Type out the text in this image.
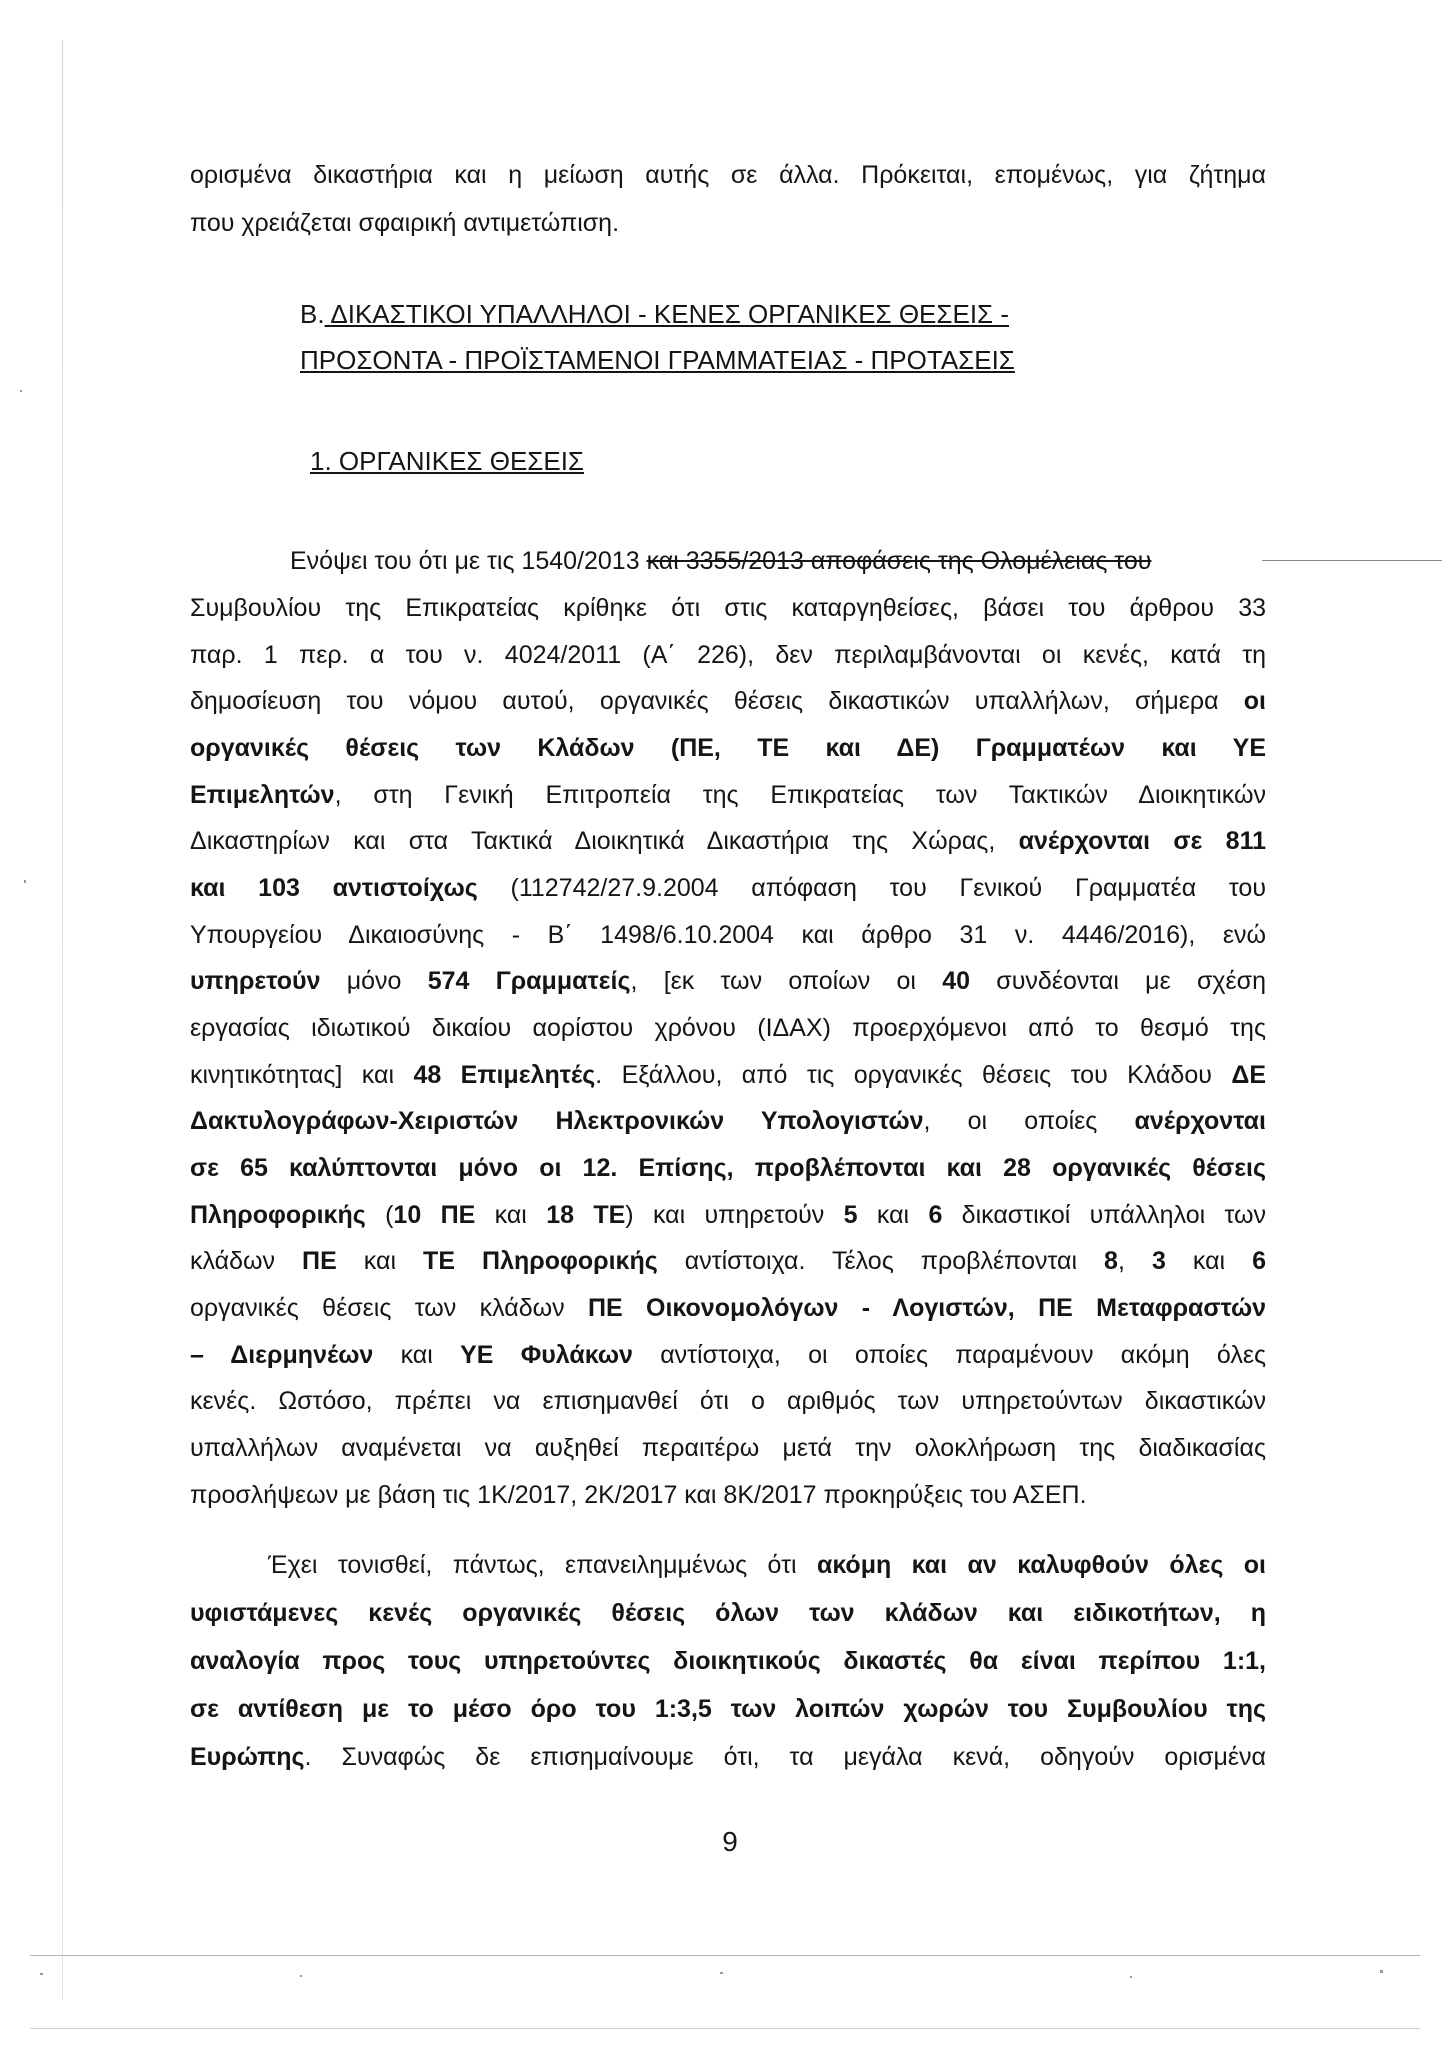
ορισμένα δικαστήρια και η μείωση αυτής σε άλλα. Πρόκειται, επομένως, για ζήτημα
που χρειάζεται σφαιρική αντιμετώπιση.
Β. ΔΙΚΑΣΤΙΚΟΙ ΥΠΑΛΛΗΛΟΙ - ΚΕΝΕΣ ΟΡΓΑΝΙΚΕΣ ΘΕΣΕΙΣ -
ΠΡΟΣΟΝΤΑ - ΠΡΟΪΣΤΑΜΕΝΟΙ ΓΡΑΜΜΑΤΕΙΑΣ - ΠΡΟΤΑΣΕΙΣ
1. ΟΡΓΑΝΙΚΕΣ ΘΕΣΕΙΣ
Ενόψει του ότι με τις 1540/2013 και 3355/2013 αποφάσεις της Ολομέλειας του
Συμβουλίου της Επικρατείας κρίθηκε ότι στις καταργηθείσες, βάσει του άρθρου 33
παρ. 1 περ. α του ν. 4024/2011 (Α΄ 226), δεν περιλαμβάνονται οι κενές, κατά τη
δημοσίευση του νόμου αυτού, οργανικές θέσεις δικαστικών υπαλλήλων, σήμερα οι
οργανικές θέσεις των Κλάδων (ΠΕ, ΤΕ και ΔΕ) Γραμματέων και ΥΕ
Επιμελητών, στη Γενική Επιτροπεία της Επικρατείας των Τακτικών Διοικητικών
Δικαστηρίων και στα Τακτικά Διοικητικά Δικαστήρια της Χώρας, ανέρχονται σε 811
και 103 αντιστοίχως (112742/27.9.2004 απόφαση του Γενικού Γραμματέα του
Υπουργείου Δικαιοσύνης - Β΄ 1498/6.10.2004 και άρθρο 31 ν. 4446/2016), ενώ
υπηρετούν μόνο 574 Γραμματείς, [εκ των οποίων οι 40 συνδέονται με σχέση
εργασίας ιδιωτικού δικαίου αορίστου χρόνου (ΙΔΑΧ) προερχόμενοι από το θεσμό της
κινητικότητας] και 48 Επιμελητές. Εξάλλου, από τις οργανικές θέσεις του Κλάδου ΔΕ
Δακτυλογράφων-Χειριστών Ηλεκτρονικών Υπολογιστών, οι οποίες ανέρχονται
σε 65 καλύπτονται μόνο οι 12. Επίσης, προβλέπονται και 28 οργανικές θέσεις
Πληροφορικής (10 ΠΕ και 18 ΤΕ) και υπηρετούν 5 και 6 δικαστικοί υπάλληλοι των
κλάδων ΠΕ και ΤΕ Πληροφορικής αντίστοιχα. Τέλος προβλέπονται 8, 3 και 6
οργανικές θέσεις των κλάδων ΠΕ Οικονομολόγων - Λογιστών, ΠΕ Μεταφραστών
– Διερμηνέων και ΥΕ Φυλάκων αντίστοιχα, οι οποίες παραμένουν ακόμη όλες
κενές. Ωστόσο, πρέπει να επισημανθεί ότι ο αριθμός των υπηρετούντων δικαστικών
υπαλλήλων αναμένεται να αυξηθεί περαιτέρω μετά την ολοκλήρωση της διαδικασίας
προσλήψεων με βάση τις 1Κ/2017, 2Κ/2017 και 8Κ/2017 προκηρύξεις του ΑΣΕΠ.
Έχει τονισθεί, πάντως, επανειλημμένως ότι ακόμη και αν καλυφθούν όλες οι
υφιστάμενες κενές οργανικές θέσεις όλων των κλάδων και ειδικοτήτων, η
αναλογία προς τους υπηρετούντες διοικητικούς δικαστές θα είναι περίπου 1:1,
σε αντίθεση με το μέσο όρο του 1:3,5 των λοιπών χωρών του Συμβουλίου της
Ευρώπης. Συναφώς δε επισημαίνουμε ότι, τα μεγάλα κενά, οδηγούν ορισμένα
9
